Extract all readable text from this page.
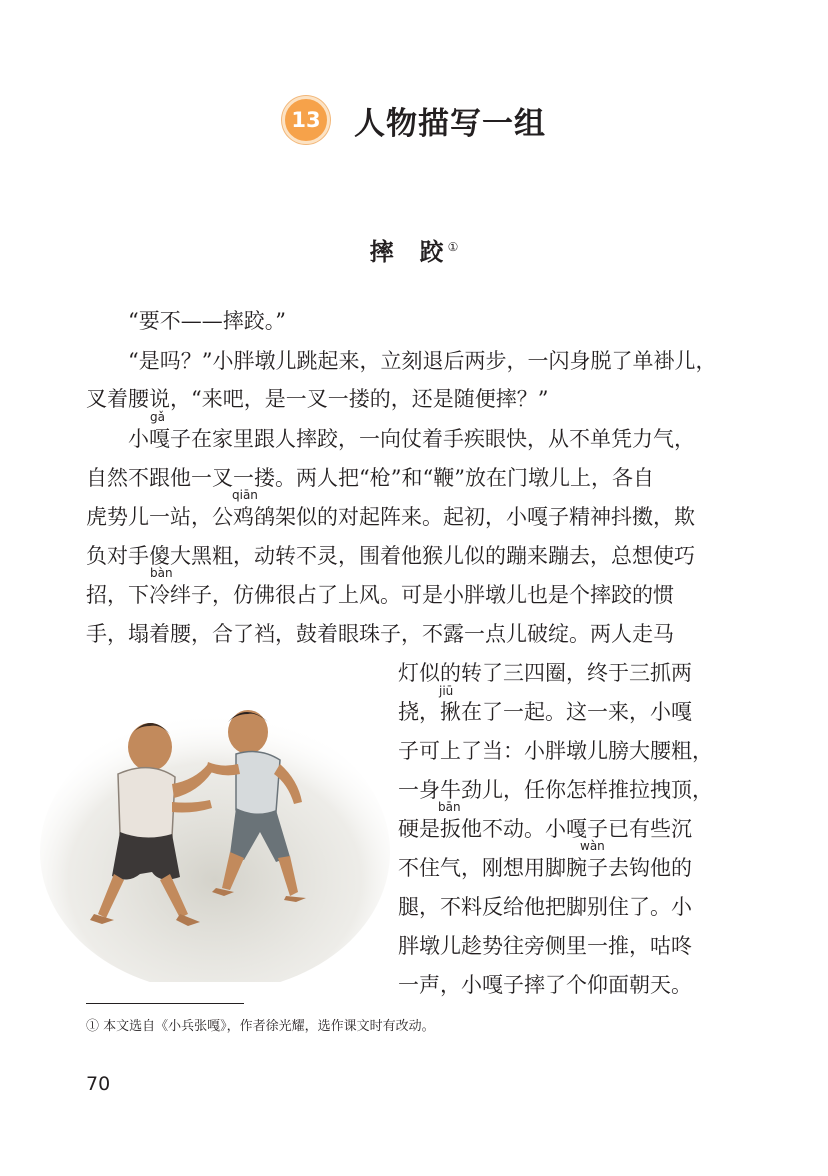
13	人物描写一组
摔 跤①
“要不——摔跤。”
“是吗？”小胖墩儿跳起来，立刻退后两步，一闪身脱了单褂儿，
叉着腰说，“来吧，是一叉一搂的，还是随便摔？”
小嘎子在家里跟人摔跤，一向仗着手疾眼快，从不单凭力气，
自然不跟他一叉一搂。两人把“枪”和“鞭”放在门墩儿上，各自
虎势儿一站，公鸡鹐架似的对起阵来。起初，小嘎子精神抖擞，欺
负对手傻大黑粗，动转不灵，围着他猴儿似的蹦来蹦去，总想使巧
招，下冷绊子，仿佛很占了上风。可是小胖墩儿也是个摔跤的惯
手，塌着腰，合了裆，鼓着眼珠子，不露一点儿破绽。两人走马
灯似的转了三四圈，终于三抓两
挠，揪在了一起。这一来，小嘎
子可上了当：小胖墩儿膀大腰粗，
一身牛劲儿，任你怎样推拉拽顶，
硬是扳他不动。小嘎子已有些沉
不住气，刚想用脚腕子去钩他的
腿，不料反给他把脚别住了。小
胖墩儿趁势往旁侧里一推，咕咚
一声，小嘎子摔了个仰面朝天。
gǎ
qiān
bàn
jiū
bān
wàn
① 本文选自《小兵张嘎》，作者徐光耀，选作课文时有改动。
70
